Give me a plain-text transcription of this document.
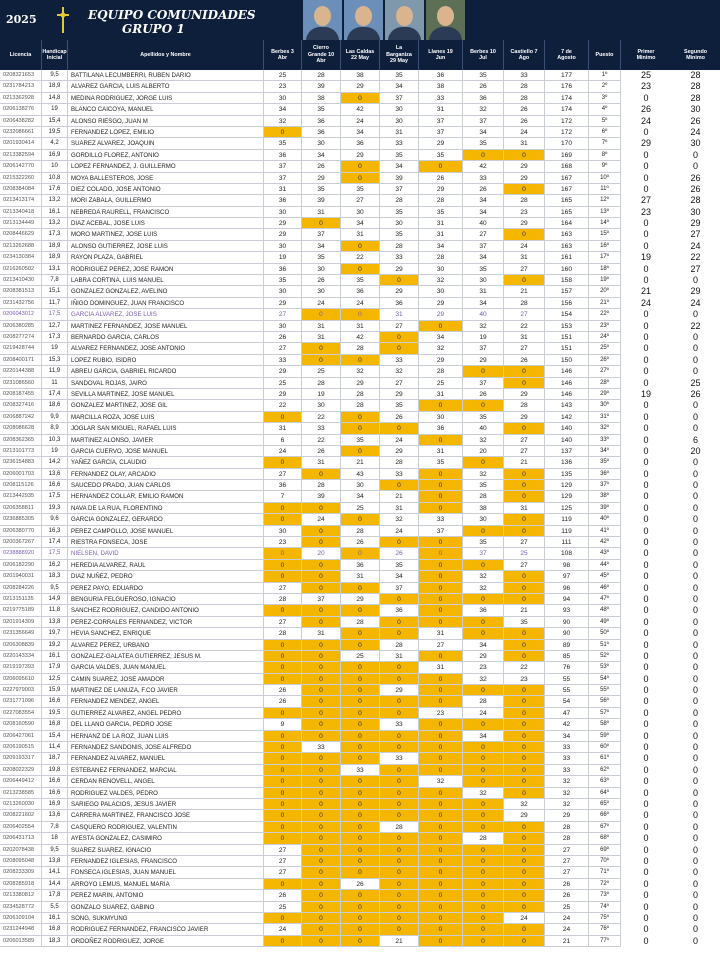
2025	EQUIPO COMUNIDADES
GRUPO 1
Licencia
Handicap
Inicial
Apellidos y Nombre
Berbes 3
Abr
Cierro
Grande 10
Abr
Las Caldas
22 May
La
Barganiza
29 May
Llanes 19
Jun
Berbes 10
Jul
Castiello 7
Ago
7 de
Agosto
Puesto
Primer
Minimo
Segundo
Minimo
0208321653	9,5	BATTILANA LECUMBERRI, RUBEN DARIO	25	28	38	35	36	35	33	177	1º	25	28
0231784213	18,9	ALVAREZ GARCIA, LUIS ALBERTO	23	39	29	34	38	26	28	176	2º	23	28
0213362928	14,8	MEDINA RODRIGUEZ, JORGE LUIS	30	38	0	37	33	36	28	174	3º	0	28
0206138276	19	BLANCO CAICOYA, MANUEL	34	35	42	30	31	32	26	174	4º	26	30
0206438282	15,4	ALONSO RIESGO, JUAN M	32	36	24	30	37	37	26	172	5º	24	26
0232086661	19,5	FERNANDEZ LOPEZ, EMILIO	0	36	34	31	37	34	24	172	6º	0	24
0201930414	4,2	SUAREZ ALVAREZ, JOAQUIN	35	30	36	33	29	35	31	170	7º	29	30
0213382594	16,9	GORDILLO FLOREZ, ANTONIO	36	34	29	35	35	0	0	169	8º	0	0
0206142770	10	LOPEZ FERNANDEZ, J. GUILLERMO	37	26	0	34	0	42	29	168	9º	0	0
0215322260	10,8	MOYA BALLESTEROS, JOSE	37	29	0	39	26	33	29	167	10º	0	26
0208384084	17,6	DIEZ COLADO, JOSE ANTONIO	31	35	35	37	29	26	0	167	11º	0	26
0213413174	13,2	MORI ZABALA, GUILLERMO	36	39	27	28	28	34	28	165	12º	27	28
0213340418	16,1	NEBREDA RAURELL, FRANCISCO	30	31	30	35	35	34	23	165	13º	23	30
0213134449	13,2	DIAZ ACEBAL, JOSE LUIS	29	0	34	30	31	40	29	164	14º	0	29
0208446629	17,3	MORO MARTINEZ, JOSE LUIS	29	37	31	35	31	27	0	163	15º	0	27
0213262688	18,9	ALONSO GUTIERREZ, JOSE LUIS	30	34	0	28	34	37	24	163	16º	0	24
0234130384	18,9	RAYON PLAZA, GABRIEL	19	35	22	33	28	34	31	161	17º	19	22
0216260502	13,1	RODRIGUEZ PEREZ, JOSE RAMON	36	30	0	29	30	35	27	160	18º	0	27
0213410430	7,8	LABRA CORTINA, LUIS MANUEL	35	26	35	0	32	30	0	158	19º	0	0
0208381513	15,1	GONZALEZ GONZALEZ, AVELINO	30	30	36	29	30	31	21	157	20º	21	29
0231432756	11,7	IÑIGO DOMINGUEZ, JUAN FRANCISCO	29	24	24	36	29	34	28	156	21º	24	24
0206043012	17,5	GARCIA ALVAREZ, JOSE LUIS	27	0	0	31	29	40	27	154	22º	0	0
0206380285	12,7	MARTINEZ FERNANDEZ, JOSE MANUEL	30	31	31	27	0	32	22	153	23º	0	22
0208277274	17,3	BERNARDO GARCIA, CARLOS	26	31	42	0	34	19	31	151	24º	0	0
0219428744	19	ALVAREZ FERNANDEZ, JOSE ANTONIO	27	0	28	0	32	37	27	151	25º	0	0
0208400171	15,3	LOPEZ RUBIO, ISIDRO	33	0	0	33	29	29	26	150	26º	0	0
0220144388	11,9	ABREU GARCIA, GABRIEL RICARDO	29	25	32	32	28	0	0	146	27º	0	0
0231086560	11	SANDOVAL ROJAS, JAIRO	25	28	29	27	25	37	0	146	28º	0	25
0208187455	17,4	SEVILLA MARTINEZ, JOSE MANUEL	29	19	28	29	31	26	29	146	29º	19	26
0208327416	18,6	GONZALEZ MARTINEZ, JOSE GIL	22	30	28	35	0	0	28	143	30º	0	0
0206887242	9,9	MARCILLA ROZA, JOSE LUIS	0	22	0	26	30	35	29	142	31º	0	0
0208086628	8,9	JOGLAR SAN MIGUEL, RAFAEL LUIS	31	33	0	0	36	40	0	140	32º	0	0
0208362365	10,3	MARTINEZ ALONSO, JAVIER	6	22	35	24	0	32	27	140	33º	0	6
0213101773	19	GARCIA CUERVO, JOSE MANUEL	24	26	0	29	31	20	27	137	34º	0	20
0236154883	14,2	YAÑEZ GARCIA, CLAUDIO	0	31	21	28	35	0	21	136	35º	0	0
0206001703	13,6	FERNANDEZ OLAY, ARCADIO	27	0	43	33	0	32	0	135	36º	0	0
0208115126	16,6	SAUCEDO PRADO, JUAN CARLOS	36	28	30	0	0	35	0	129	37º	0	0
0213442935	17,5	HERNANDEZ COLLAR, EMILIO RAMON	7	39	34	21	0	28	0	129	38º	0	0
0206358811	19,3	NAVA DE LA RUA, FLORENTINO	0	0	25	31	0	38	31	125	39º	0	0
0236885305	9,6	GARCIA GONZALEZ, GERARDO	0	24	0	32	33	30	0	119	40º	0	0
0206380770	16,3	PEREZ CAMPOLLO, JOSE MANUEL	30	0	28	24	37	0	0	119	41º	0	0
0200367267	17,4	RIESTRA FONSECA, JOSE	23	0	26	0	0	35	27	111	42º	0	0
0238888920	17,5	NIELSEN, DAVID	0	20	0	26	0	37	25	108	43º	0	0
0206182290	16,2	HEREDIA ALVAREZ, RAUL	0	0	36	35	0	0	27	98	44º	0	0
0201940031	18,3	DIAZ NUÑEZ, PEDRO	0	0	31	34	0	32	0	97	45º	0	0
0208284226	9,5	PEREZ PAYO, EDUARDO	27	0	0	37	0	32	0	96	46º	0	0
0213151135	14,9	BENGURIA FELGUEROSO, IGNACIO	28	37	29	0	0	0	0	94	47º	0	0
0219775189	11,8	SANCHEZ RODRIGUEZ, CANDIDO ANTONIO	0	0	0	36	0	36	21	93	48º	0	0
0201914309	13,8	PEREZ-CORRALES FERNANDEZ, VICTOR	27	0	28	0	0	0	35	90	49º	0	0
0231356649	19,7	HEVIA SANCHEZ, ENRIQUE	28	31	0	0	31	0	0	90	50º	0	0
0206308839	19,2	ALVAREZ PEREZ, URBANO	0	0	0	28	27	34	0	89	51º	0	0
0220143334	16,1	GONZALEZ-GALATEA GUTIERREZ, JESUS M.	0	0	25	31	0	29	0	85	52º	0	0
0219197393	17,9	GARCIA VALDES, JUAN MANUEL	0	0	0	0	31	23	22	76	53º	0	0
0206095610	12,5	CAMIN SUAREZ, JOSE AMADOR	0	0	0	0	0	32	23	55	54º	0	0
0227979003	15,9	MARTINEZ DE LANUZA, F.CO JAVIER	26	0	0	29	0	0	0	55	55º	0	0
0231771096	16,6	FERNANDEZ MENDEZ, ANGEL	26	0	0	0	0	28	0	54	56º	0	0
0227083554	19,5	GUTIERREZ ALVAREZ, ANGEL PEDRO	0	0	0	0	23	24	0	47	57º	0	0
0208160590	16,8	DEL LLANO GARCIA, PEDRO JOSE	9	0	0	33	0	0	0	42	58º	0	0
0206427061	15,4	HERNANZ DE LA ROZ, JUAN LUIS	0	0	0	0	0	34	0	34	59º	0	0
0206190515	11,4	FERNANDEZ SANDONIS, JOSE ALFREDO	0	33	0	0	0	0	0	33	60º	0	0
0209193317	18,7	FERNANDEZ ALVAREZ, MANUEL	0	0	0	33	0	0	0	33	61º	0	0
0208022329	19,8	ESTEBANEZ FERNANDEZ, MARCIAL	0	0	33	0	0	0	0	33	62º	0	0
0206449412	16,6	CERDAN RENOVELL, ANGEL	0	0	0	0	32	0	0	32	63º	0	0
0213238585	16,6	RODRIGUEZ VALDES, PEDRO	0	0	0	0	0	32	0	32	64º	0	0
0213260030	16,9	SARIEGO PALACIOS, JESUS JAVIER	0	0	0	0	0	0	32	32	65º	0	0
0208221602	13,6	CARRERA MARTINEZ, FRANCISCO JOSE	0	0	0	0	0	0	29	29	66º	0	0
0206402554	7,8	CASQUERO RODRIGUEZ, VALENTIN	0	0	0	28	0	0	0	28	67º	0	0
0206431713	18	AYESTA GONZALEZ, CASIMIRO	0	0	0	0	0	28	0	28	68º	0	0
0202078438	9,5	SUAREZ SUAREZ, IGNACIO	27	0	0	0	0	0	0	27	69º	0	0
0208095048	13,8	FERNANDEZ IGLESIAS, FRANCISCO	27	0	0	0	0	0	0	27	70º	0	0
0208233309	14,1	FONSECA IGLESIAS, JUAN MANUEL	27	0	0	0	0	0	0	27	71º	0	0
0208285918	14,4	ARROYO LEMUS, MANUEL MARIA	0	0	26	0	0	0	0	26	72º	0	0
0213380812	17,8	PEREZ MARIN, ANTONIO	26	0	0	0	0	0	0	26	73º	0	0
0234528772	5,5	GONZALO SUAREZ, GABINO	25	0	0	0	0	0	0	25	74º	0	0
0206109104	16,1	SONG, SUKMYUNG	0	0	0	0	0	0	24	24	75º	0	0
0231244948	16,8	RODRIGUEZ FERNANDEZ, FRANCISCO JAVIER	24	0	0	0	0	0	0	24	76º	0	0
0206013589	18,3	ORDOÑEZ RODRIGUEZ, JORGE	0	0	0	21	0	0	0	21	77º	0	0
